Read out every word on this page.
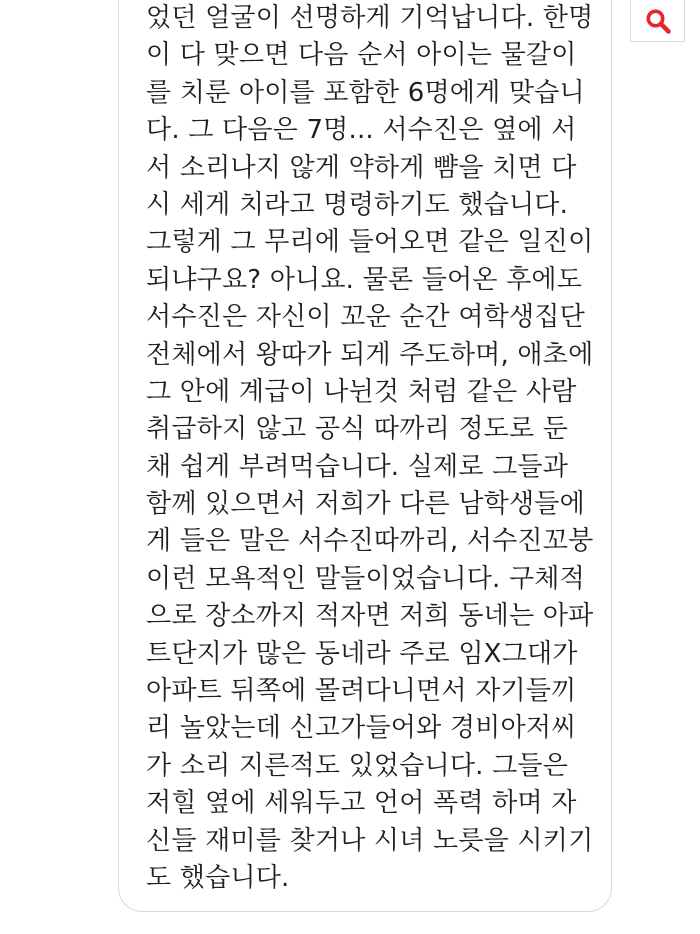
었던 얼굴이 선명하게 기억납니다. 한명
이 다 맞으면 다음 순서 아이는 물갈이
를 치룬 아이를 포함한 6명에게 맞습니
다. 그 다음은 7명... 서수진은 옆에 서
서 소리나지 않게 약하게 뺨을 치면 다
시 세게 치라고 명령하기도 했습니다.
그렇게 그 무리에 들어오면 같은 일진이
되냐구요? 아니요. 물론 들어온 후에도
서수진은 자신이 꼬운 순간 여학생집단
전체에서 왕따가 되게 주도하며, 애초에
그 안에 계급이 나뉜것 처럼 같은 사람
취급하지 않고 공식 따까리 정도로 둔
채 쉽게 부려먹습니다. 실제로 그들과
함께 있으면서 저희가 다른 남학생들에
게 들은 말은 서수진따까리, 서수진꼬붕
이런 모욕적인 말들이었습니다. 구체적
으로 장소까지 적자면 저희 동네는 아파
트단지가 많은 동네라 주로 임X그대가
아파트 뒤쪽에 몰려다니면서 자기들끼
리 놀았는데 신고가들어와 경비아저씨
가 소리 지른적도 있었습니다. 그들은
저힐 옆에 세워두고 언어 폭력 하며 자
신들 재미를 찾거나 시녀 노릇을 시키기
도 했습니다.
